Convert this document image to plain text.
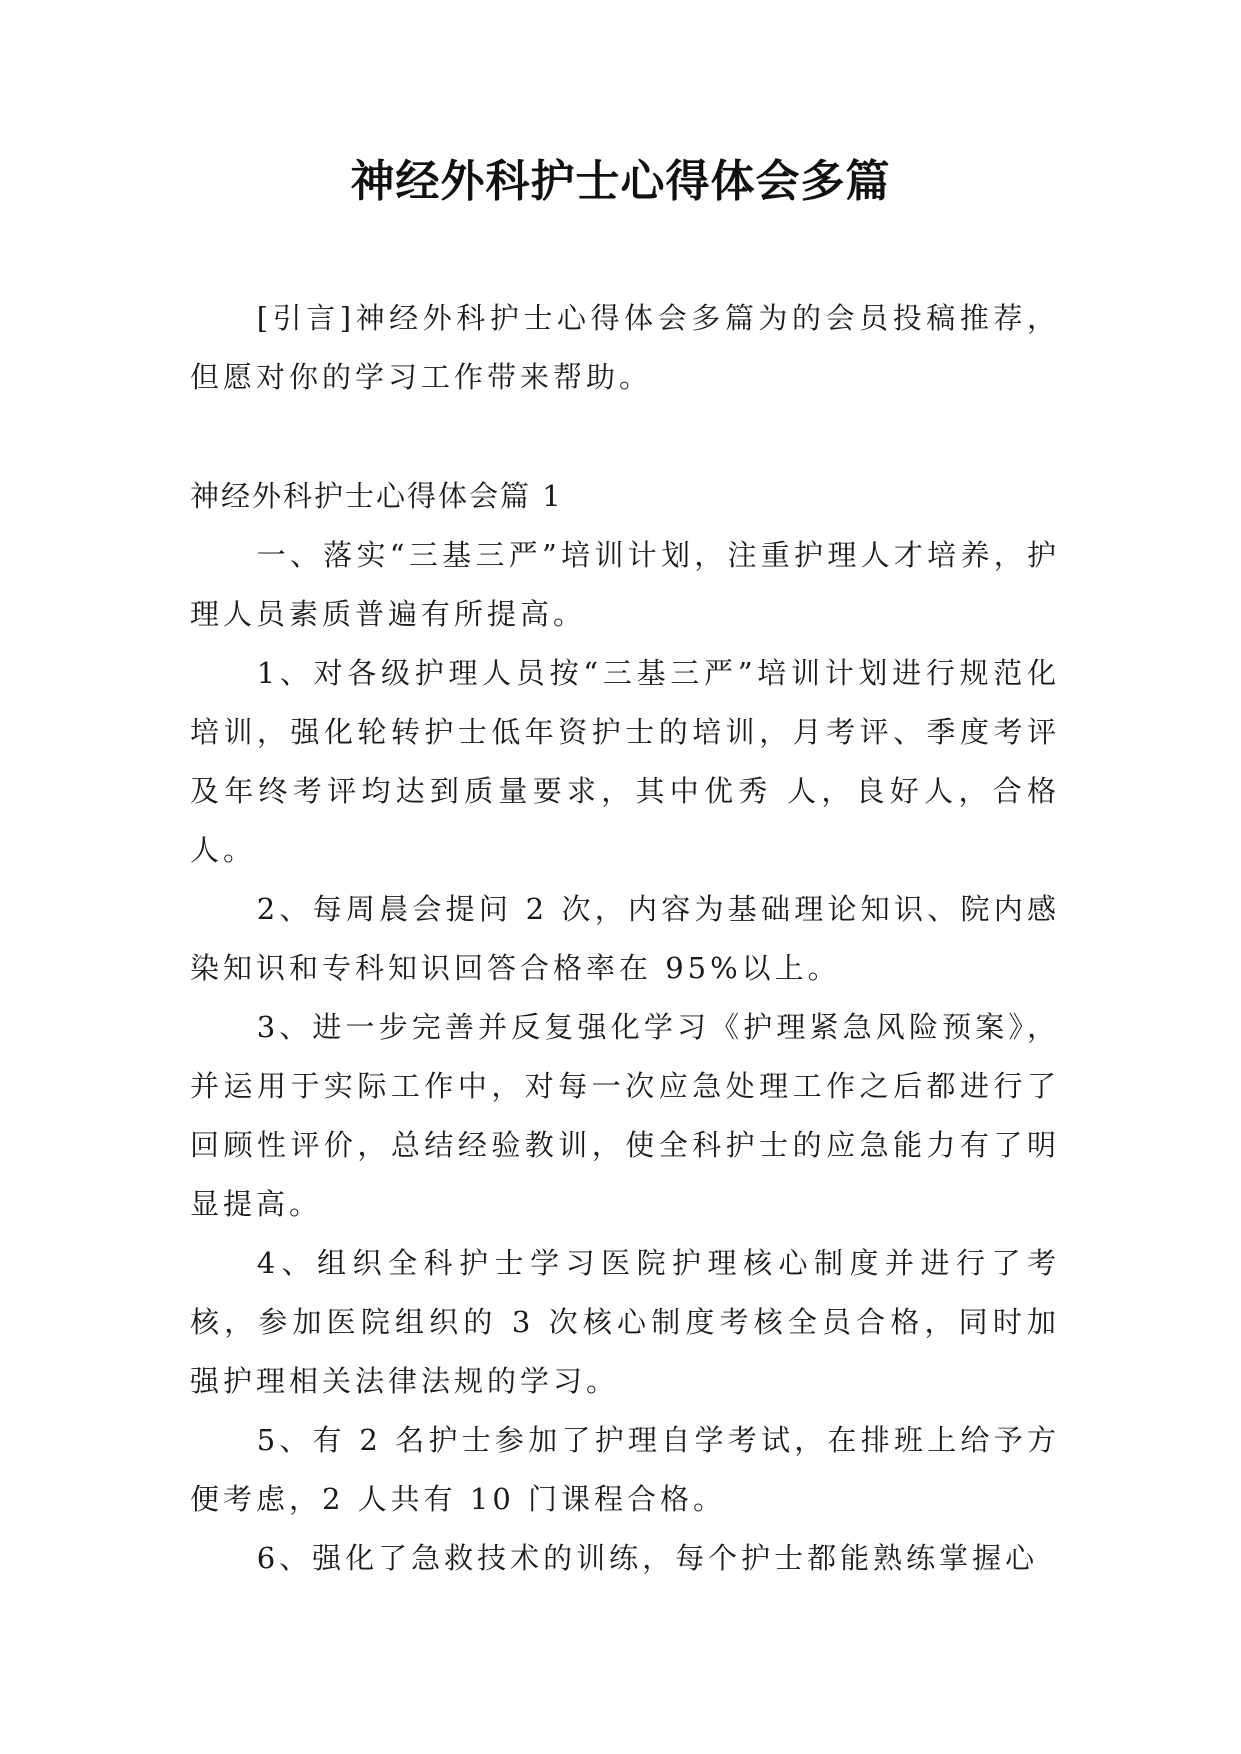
神经外科护士心得体会多篇

[引言]神经外科护士心得体会多篇为的会员投稿推荐，但愿对你的学习工作带来帮助。

神经外科护士心得体会篇 1

一、落实“三基三严”培训计划，注重护理人才培养，护理人员素质普遍有所提高。

1、对各级护理人员按“三基三严”培训计划进行规范化培训，强化轮转护士低年资护士的培训，月考评、季度考评及年终考评均达到质量要求，其中优秀 人，良好人，合格 人。

2、每周晨会提问 2 次，内容为基础理论知识、院内感染知识和专科知识回答合格率在 95%以上。

3、进一步完善并反复强化学习《护理紧急风险预案》，并运用于实际工作中，对每一次应急处理工作之后都进行了回顾性评价，总结经验教训，使全科护士的应急能力有了明显提高。

4、组织全科护士学习医院护理核心制度并进行了考核，参加医院组织的 3 次核心制度考核全员合格，同时加强护理相关法律法规的学习。

5、有 2 名护士参加了护理自学考试，在排班上给予方便考虑，2 人共有 10 门课程合格。

6、强化了急救技术的训练，每个护士都能熟练掌握心
